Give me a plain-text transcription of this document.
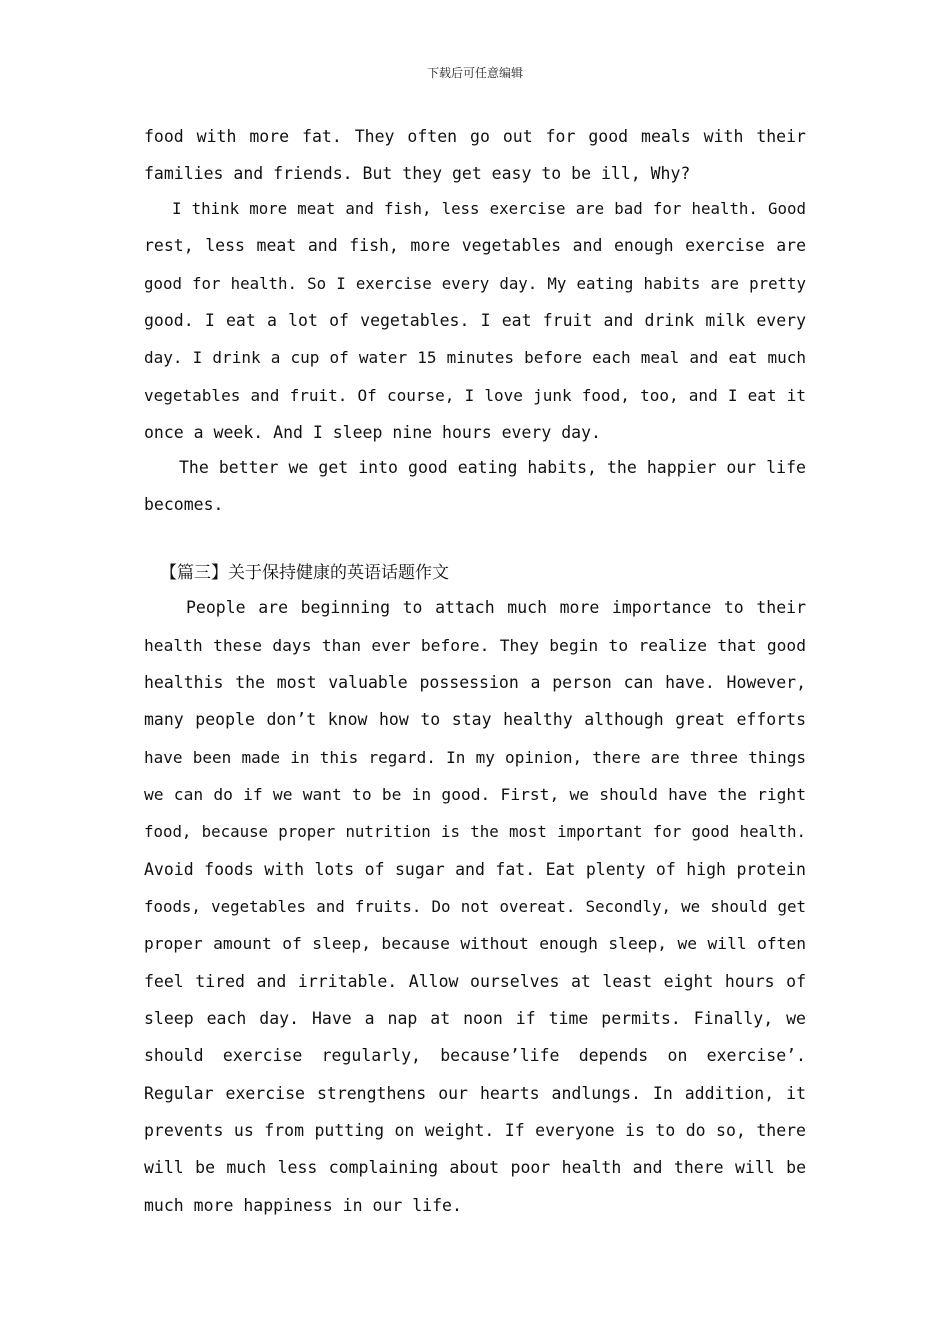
下载后可任意编辑
food with more fat. They often go out for good meals with their
families and friends. But they get easy to be ill, Why?
I think more meat and fish, less exercise are bad for health. Good
rest, less meat and fish, more vegetables and enough exercise are
good for health. So I exercise every day. My eating habits are pretty
good. I eat a lot of vegetables. I eat fruit and drink milk every
day. I drink a cup of water 15 minutes before each meal and eat much
vegetables and fruit. Of course, I love junk food, too, and I eat it
once a week. And I sleep nine hours every day.
The better we get into good eating habits, the happier our life
becomes.
【篇三】关于保持健康的英语话题作文
People are beginning to attach much more importance to their
health these days than ever before. They begin to realize that good
healthis the most valuable possession a person can have. However,
many people don’t know how to stay healthy although great efforts
have been made in this regard. In my opinion, there are three things
we can do if we want to be in good. First, we should have the right
food, because proper nutrition is the most important for good health.
Avoid foods with lots of sugar and fat. Eat plenty of high protein
foods, vegetables and fruits. Do not overeat. Secondly, we should get
proper amount of sleep, because without enough sleep, we will often
feel tired and irritable. Allow ourselves at least eight hours of
sleep each day. Have a nap at noon if time permits. Finally, we
should exercise regularly, because’life depends on exercise’.
Regular exercise strengthens our hearts andlungs. In addition, it
prevents us from putting on weight. If everyone is to do so, there
will be much less complaining about poor health and there will be
much more happiness in our life.
